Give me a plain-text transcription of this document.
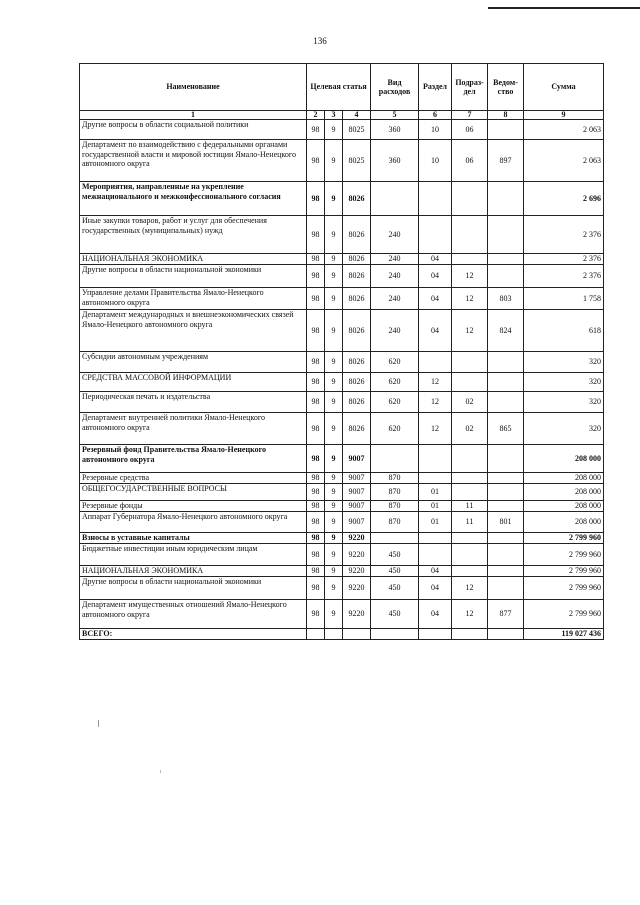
136
Наименование	Целевая статья			Вид расходов	Раздел	Подраз-дел	Ведом-ство	Сумма
1	2	3	4	5	6	7	8	9
Другие вопросы в области социальной политики	98	9	8025	360	10	06		2 063
Департамент по взаимодействию с федеральными органами государственной власти и мировой юстиции Ямало-Ненецкого автономного округа	98	9	8025	360	10	06	897	2 063
Мероприятия, направленные на укрепление межнационального и межконфессионального согласия	98	9	8026					2 696
Иные закупки товаров, работ и услуг для обеспечения государственных (муниципальных) нужд	98	9	8026	240				2 376
НАЦИОНАЛЬНАЯ ЭКОНОМИКА	98	9	8026	240	04			2 376
Другие вопросы в области национальной экономики	98	9	8026	240	04	12		2 376
Управление делами Правительства Ямало-Ненецкого автономного округа	98	9	8026	240	04	12	803	1 758
Департамент международных и внешнеэкономических связей Ямало-Ненецкого автономного округа	98	9	8026	240	04	12	824	618
Субсидии автономным учреждениям	98	9	8026	620				320
СРЕДСТВА МАССОВОЙ ИНФОРМАЦИИ	98	9	8026	620	12			320
Периодическая печать и издательства	98	9	8026	620	12	02		320
Департамент внутренней политики Ямало-Ненецкого автономного округа	98	9	8026	620	12	02	865	320
Резервный фонд Правительства Ямало-Ненецкого автономного округа	98	9	9007					208 000
Резервные средства	98	9	9007	870				208 000
ОБЩЕГОСУДАРСТВЕННЫЕ ВОПРОСЫ	98	9	9007	870	01			208 000
Резервные фонды	98	9	9007	870	01	11		208 000
Аппарат Губернатора Ямало-Ненецкого автономного округа	98	9	9007	870	01	11	801	208 000
Взносы в уставные капиталы	98	9	9220					2 799 960
Бюджетные инвестиции иным юридическим лицам	98	9	9220	450				2 799 960
НАЦИОНАЛЬНАЯ ЭКОНОМИКА	98	9	9220	450	04			2 799 960
Другие вопросы в области национальной экономики	98	9	9220	450	04	12		2 799 960
Департамент имущественных отношений Ямало-Ненецкого автономного округа	98	9	9220	450	04	12	877	2 799 960
ВСЕГО:								119 027 436
